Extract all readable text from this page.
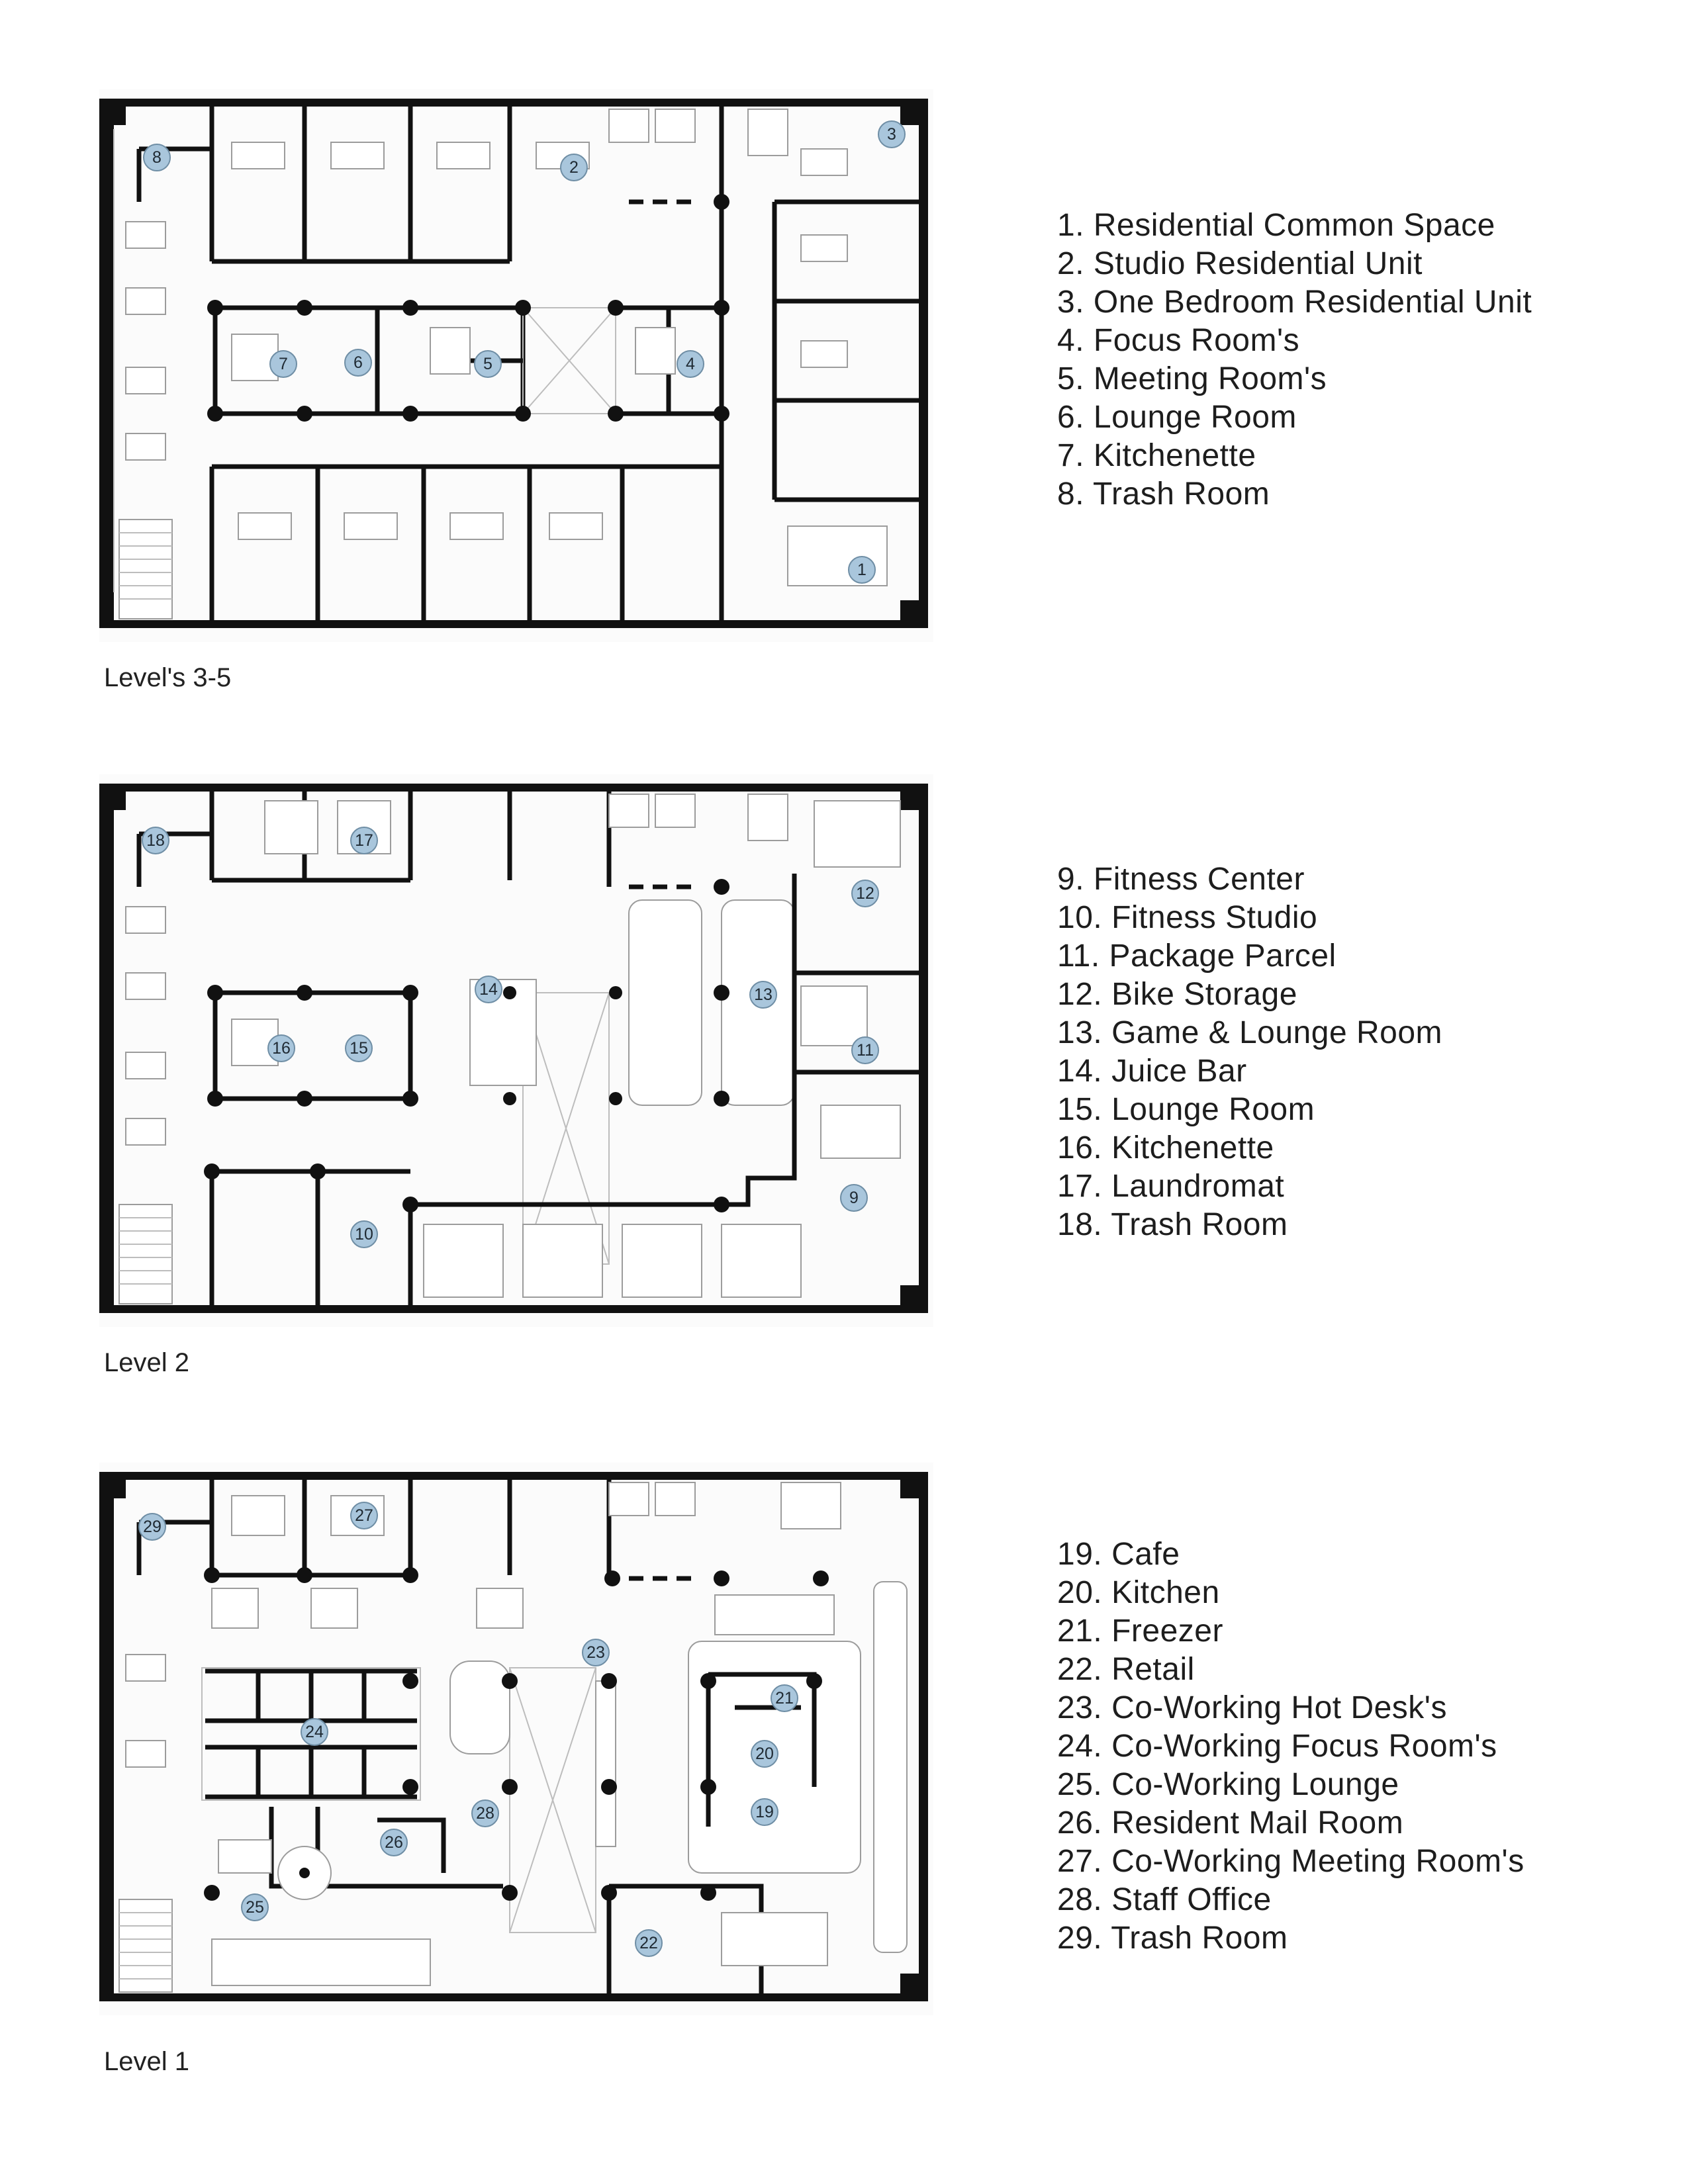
1
2
3
4
5
6
7
8
Level's 3-5
1. Residential Common Space
2. Studio Residential Unit
3. One Bedroom Residential Unit
4. Focus Room's
5. Meeting Room's
6. Lounge Room
7. Kitchenette
8. Trash Room
9
10
11
12
13
14
15
16
17
18
Level 2
9. Fitness Center
10. Fitness Studio
11. Package Parcel
12. Bike Storage
13. Game & Lounge Room
14. Juice Bar
15. Lounge Room
16. Kitchenette
17. Laundromat
18. Trash Room
19
20
21
22
23
24
25
26
27
28
29
Level 1
19. Cafe
20. Kitchen
21. Freezer
22. Retail
23. Co-Working Hot Desk's
24. Co-Working Focus Room's
25. Co-Working Lounge
26. Resident Mail Room
27. Co-Working Meeting Room's
28. Staff Office
29. Trash Room
